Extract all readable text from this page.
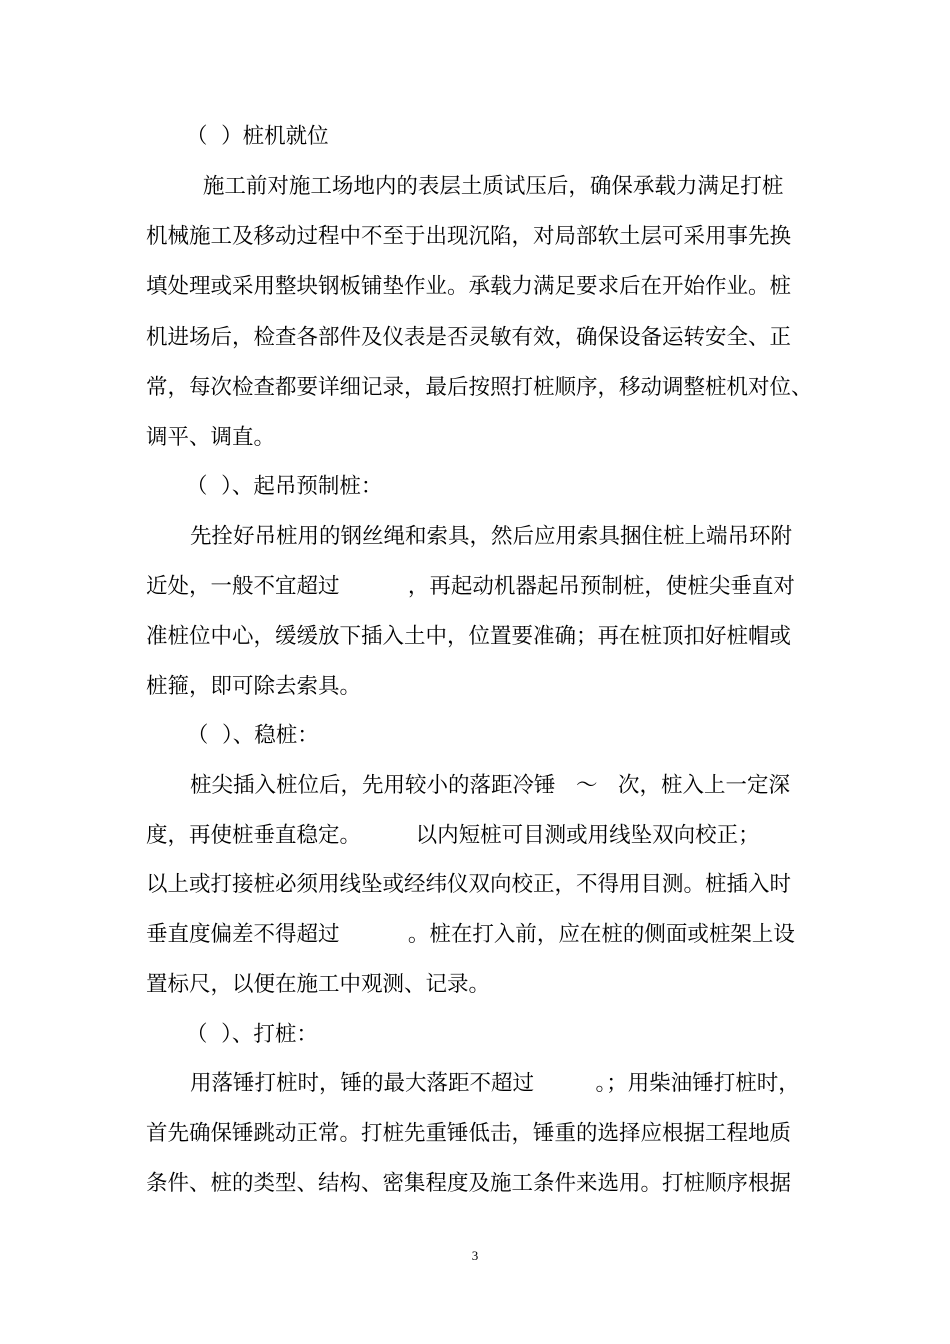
（  ）桩机就位

施工前对施工场地内的表层土质试压后，确保承载力满足打桩

机械施工及移动过程中不至于出现沉陷，对局部软土层可采用事先换

填处理或采用整块钢板铺垫作业。承载力满足要求后在开始作业。桩

机进场后，检查各部件及仪表是否灵敏有效，确保设备运转安全、正

常，每次检查都要详细记录，最后按照打桩顺序，移动调整桩机对位、

调平、调直。

（  ）、起吊预制桩：

先拴好吊桩用的钢丝绳和索具，然后应用索具捆住桩上端吊环附

近处，一般不宜超过          ，再起动机器起吊预制桩，使桩尖垂直对

准桩位中心，缓缓放下插入土中，位置要准确；再在桩顶扣好桩帽或

桩箍，即可除去索具。

（  ）、稳桩：

桩尖插入桩位后，先用较小的落距冷锤   ～   次，桩入上一定深

度，再使桩垂直稳定。        以内短桩可目测或用线坠双向校正；

以上或打接桩必须用线坠或经纬仪双向校正，不得用目测。桩插入时

垂直度偏差不得超过          。桩在打入前，应在桩的侧面或桩架上设

置标尺，以便在施工中观测、记录。

（  ）、打桩：

用落锤打桩时，锤的最大落距不超过         。；用柴油锤打桩时，

首先确保锤跳动正常。打桩先重锤低击，锤重的选择应根据工程地质

条件、桩的类型、结构、密集程度及施工条件来选用。打桩顺序根据

3
